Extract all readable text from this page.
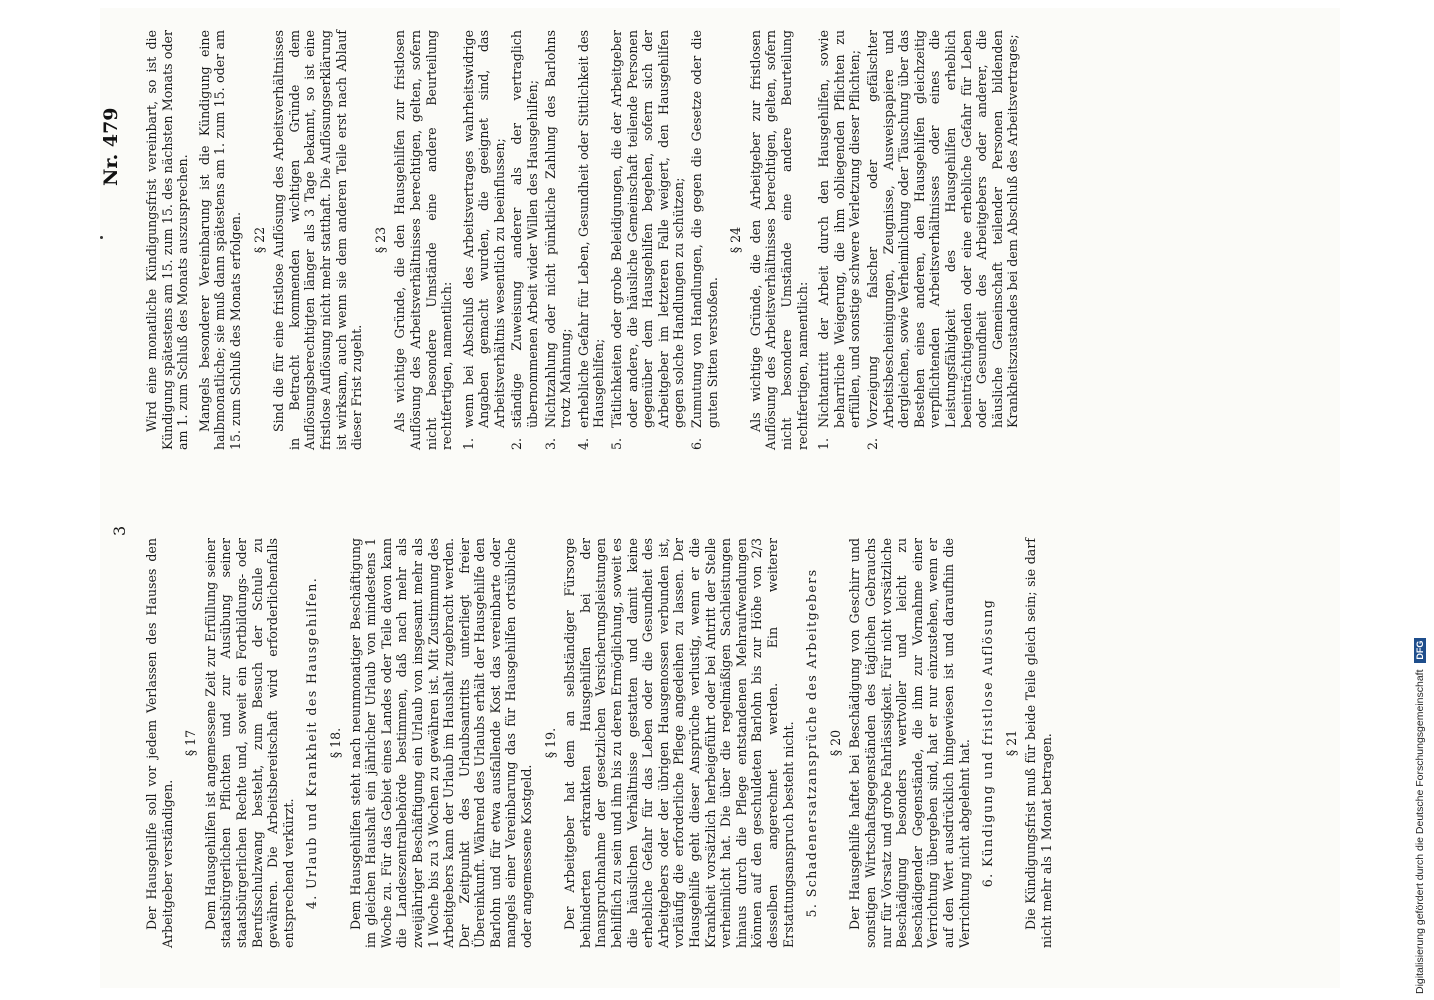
3
Nr. 479

Der Hausgehilfe soll vor jedem Verlassen des Hauses den Arbeitgeber verständigen.

§ 17 Dem Hausgehilfen ist angemessene Zeit zur Erfüllung seiner staatsbürgerlichen Pflichten und zur Ausübung seiner staatsbürgerlichen Rechte und, soweit ein Fortbildungs- oder Berufsschulzwang besteht, zum Besuch der Schule zu gewähren. Die Arbeitsbereitschaft wird erforderlichenfalls entsprechend verkürzt. 4. Urlaub und Krankheit des Hausgehilfen. § 18. Dem Hausgehilfen steht nach neunmonatiger Beschäftigung im gleichen Haushalt ein jährlicher Urlaub von mindestens 1 Woche zu. Für das Gebiet eines Landes oder Teile davon kann die Landeszentralbehörde bestimmen, daß nach mehr als zweijähriger Beschäftigung ein Urlaub von insgesamt mehr als 1 Woche bis zu 3 Wochen zu gewähren ist. Mit Zustimmung des Arbeitgebers kann der Urlaub im Haushalt zugebracht werden. Der Zeitpunkt des Urlaubsantritts unterliegt freier Übereinkunft. Während des Urlaubs erhält der Hausgehilfe den Barlohn und für etwa ausfallende Kost das vereinbarte oder mangels einer Vereinbarung das für Hausgehilfen ortsübliche oder angemessene Kostgeld.

§ 19. Der Arbeitgeber hat dem an selbständiger Fürsorge behinderten erkrankten Hausgehilfen bei der Inanspruchnahme der gesetzlichen Versicherungsleistungen behilflich zu sein und ihm bis zu deren Ermöglichung, soweit es die häuslichen Verhältnisse gestatten und damit keine erhebliche Gefahr für das Leben oder die Gesundheit des Arbeitgebers oder der übrigen Hausgenossen verbunden ist, vorläufig die erforderliche Pflege angedeihen zu lassen. Der Hausgehilfe geht dieser Ansprüche verlustig, wenn er die Krankheit vorsätzlich herbeigeführt oder bei Antritt der Stelle verheimlicht hat. Die über die regelmäßigen Sachleistungen hinaus durch die Pflege entstandenen Mehraufwendungen können auf den geschuldeten Barlohn bis zur Höhe von 2/3 desselben angerechnet werden. Ein weiterer Erstattungsanspruch besteht nicht. 5. Schadenersatzansprüche des Arbeitgebers § 20 Der Hausgehilfe haftet bei Beschädigung von Geschirr und sonstigen Wirtschaftsgegenständen des täglichen Gebrauchs nur für Vorsatz und grobe Fahrlässigkeit. Für nicht vorsätzliche Beschädigung besonders wertvoller und leicht zu beschädigender Gegenstände, die ihm zur Vornahme einer Verrichtung übergeben sind, hat er nur einzustehen, wenn er auf den Wert ausdrücklich hingewiesen ist und daraufhin die Verrichtung nicht abgelehnt hat. 6. Kündigung und fristlose Auflösung § 21 Die Kündigungsfrist muß für beide Teile gleich sein; sie darf nicht mehr als 1 Monat betragen.

Wird eine monatliche Kündigungsfrist vereinbart, so ist die Kündigung spätestens am 15. zum 15. des nächsten Monats oder am 1. zum Schluß des Monats auszusprechen. Mangels besonderer Vereinbarung ist die Kündigung eine halbmonatliche; sie muß dann spätestens am 1. zum 15. oder am 15. zum Schluß des Monats erfolgen. § 22 Sind die für eine fristlose Auflösung des Arbeitsverhältnisses in Betracht kommenden wichtigen Gründe dem Auflösungsberechtigten länger als 3 Tage bekannt, so ist eine fristlose Auflösung nicht mehr statthaft. Die Auflösungserklärung ist wirksam, auch wenn sie dem anderen Teile erst nach Ablauf dieser Frist zugeht.

§ 23 Als wichtige Gründe, die den Hausgehilfen zur fristlosen Auflösung des Arbeitsverhältnisses berechtigen, gelten, sofern nicht besondere Umstände eine andere Beurteilung rechtfertigen, namentlich: 1.
wenn bei Abschluß des Arbeitsvertrages wahrheitswidrige Angaben gemacht wurden, die geeignet sind, das Arbeitsverhältnis wesentlich zu beeinflussen;
2.
ständige Zuweisung anderer als der vertraglich übernommenen Arbeit wider Willen des Hausgehilfen;
3.
Nichtzahlung oder nicht pünktliche Zahlung des Barlohns trotz Mahnung;
4.
erhebliche Gefahr für Leben, Gesundheit oder Sittlichkeit des Hausgehilfen;
5.
Tätlichkeiten oder grobe Beleidigungen, die der Arbeitgeber oder andere, die häusliche Gemeinschaft teilende Personen gegenüber dem Hausgehilfen begehen, sofern sich der Arbeitgeber im letzteren Falle weigert, den Hausgehilfen gegen solche Handlungen zu schützen;
6.
Zumutung von Handlungen, die gegen die Gesetze oder die guten Sitten verstoßen.
§ 24 Als wichtige Gründe, die den Arbeitgeber zur fristlosen Auflösung des Arbeitsverhältnisses berechtigen, gelten, sofern nicht besondere Umstände eine andere Beurteilung rechtfertigen, namentlich: 1.
Nichtantritt der Arbeit durch den Hausgehilfen, sowie beharrliche Weigerung, die ihm obliegenden Pflichten zu erfüllen, und sonstige schwere Verletzung dieser Pflichten;
2.
Vorzeigung falscher oder gefälschter Arbeitsbescheinigungen, Zeugnisse, Ausweispapiere und dergleichen, sowie Verheimlichung oder Täuschung über das Bestehen eines anderen, den Hausgehilfen gleichzeitig verpflichtenden Arbeitsverhältnisses oder eines die Leistungsfähigkeit des Hausgehilfen erheblich beeinträchtigenden oder eine erhebliche Gefahr für Leben oder Gesundheit des Arbeitgebers oder anderer, die häusliche Gemeinschaft teilender Personen bildenden Krankheitszustandes bei dem Abschluß des Arbeitsvertrages;
Digitalisierung gefördert durch die Deutsche Forschungsgemeinschaft DFG
